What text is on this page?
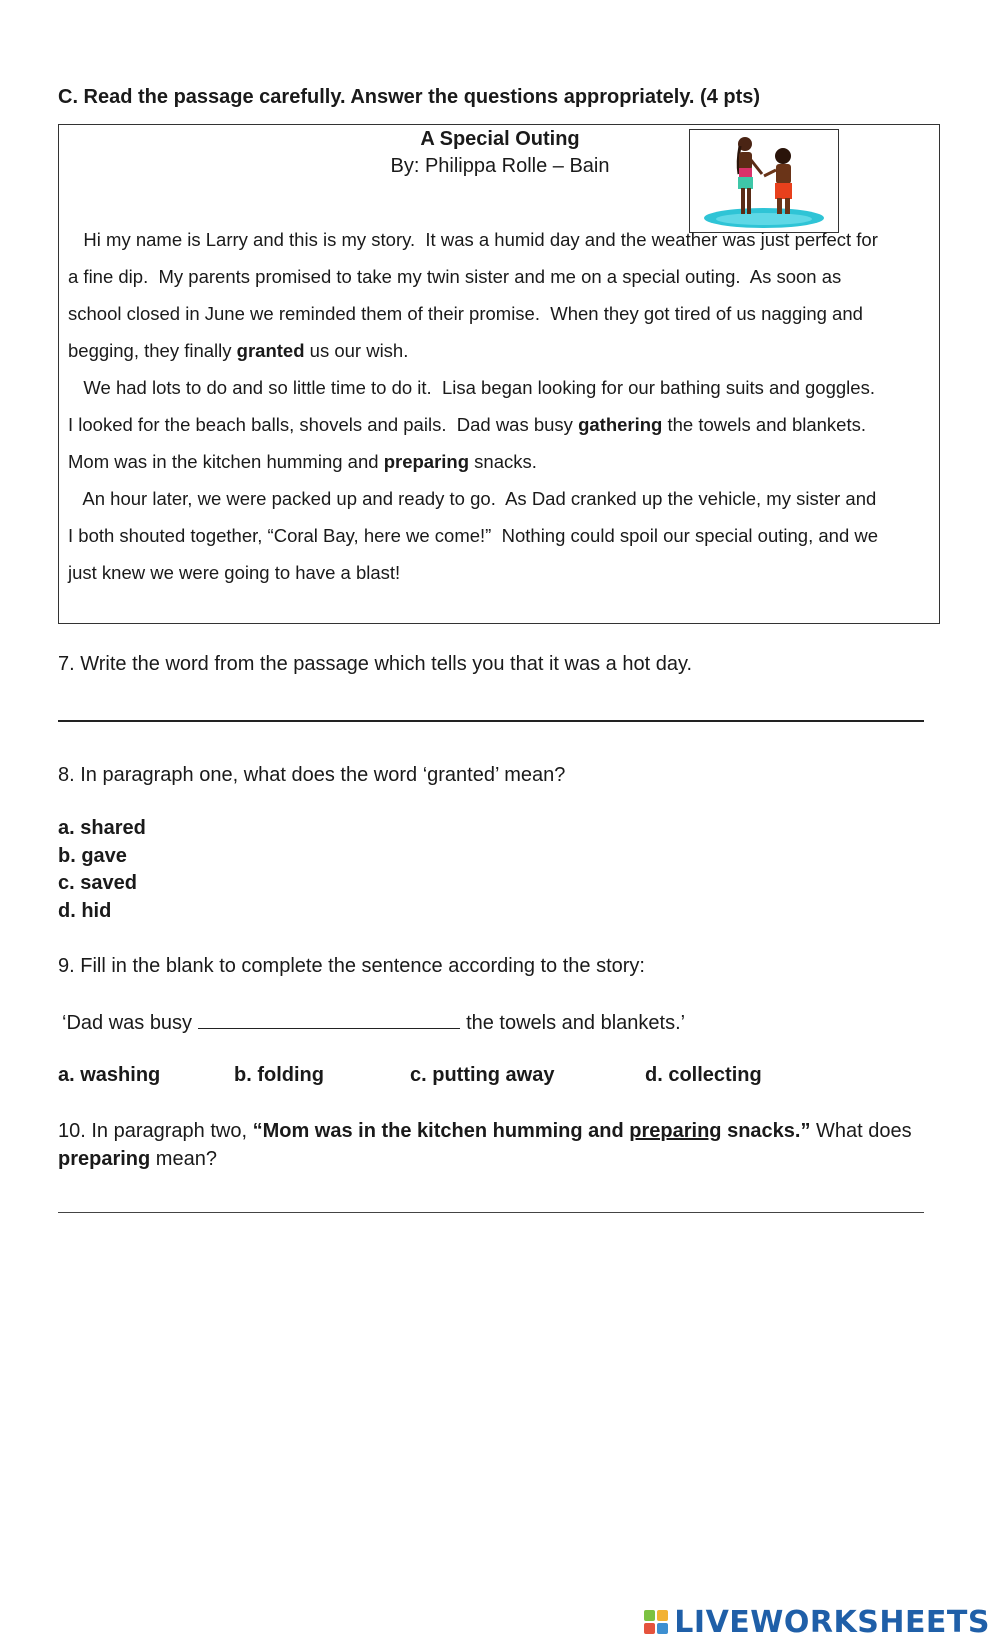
C. Read the passage carefully. Answer the questions appropriately. (4 pts)
A Special Outing
By: Philippa Rolle – Bain
Hi my name is Larry and this is my story.  It was a humid day and the weather was just perfect for
a fine dip.  My parents promised to take my twin sister and me on a special outing.  As soon as
school closed in June we reminded them of their promise.  When they got tired of us nagging and
begging, they finally granted us our wish.
We had lots to do and so little time to do it.  Lisa began looking for our bathing suits and goggles.
I looked for the beach balls, shovels and pails.  Dad was busy gathering the towels and blankets.
Mom was in the kitchen humming and preparing snacks.
An hour later, we were packed up and ready to go.  As Dad cranked up the vehicle, my sister and
I both shouted together, “Coral Bay, here we come!”  Nothing could spoil our special outing, and we
just knew we were going to have a blast!
7. Write the word from the passage which tells you that it was a hot day.
8. In paragraph one, what does the word ‘granted’ mean?
a. shared
b. gave
c. saved
d. hid
9. Fill in the blank to complete the sentence according to the story:
‘Dad was busy	the towels and blankets.’
a. washing	b. folding	c. putting away	d. collecting
10. In paragraph two, “Mom was in the kitchen humming and preparing snacks.” What does
preparing mean?
LIVEWORKSHEETS
